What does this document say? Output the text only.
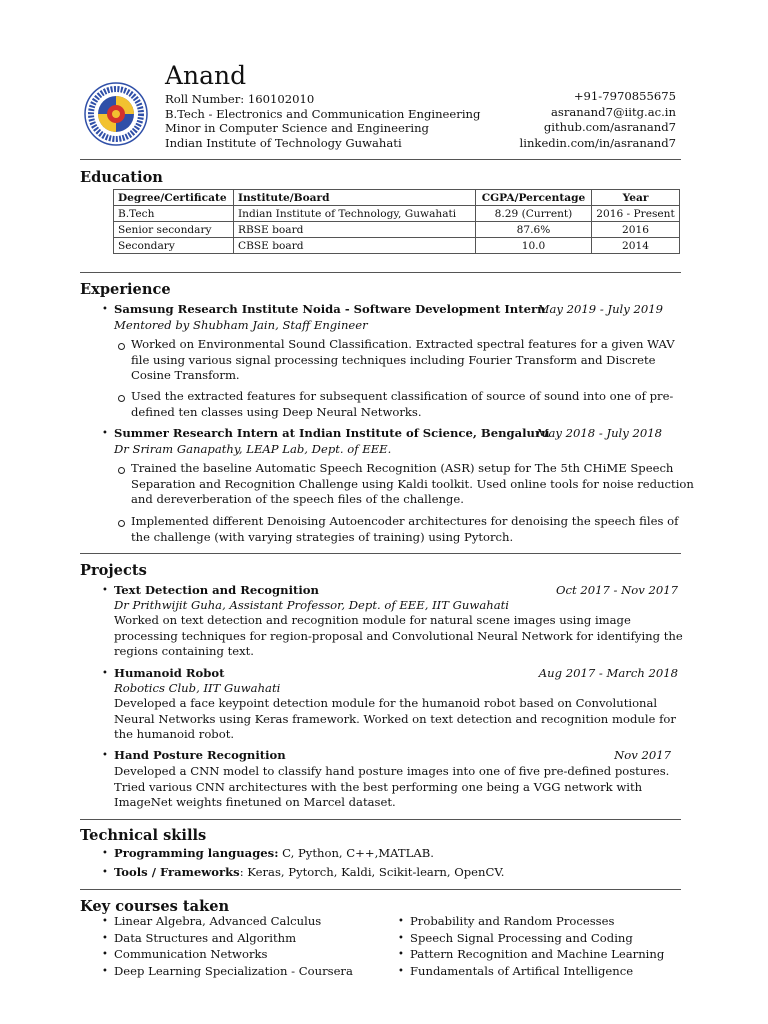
Anand
Roll Number: 160102010
B.Tech - Electronics and Communication Engineering
Minor in Computer Science and Engineering
Indian Institute of Technology Guwahati
+91-7970855675
asranand7@iitg.ac.in
github.com/asranand7
linkedin.com/in/asranand7
Education
Degree/Certificate	Institute/Board	CGPA/Percentage	Year
B.Tech	Indian Institute of Technology, Guwahati	8.29 (Current)	2016 - Present
Senior secondary	RBSE board	87.6%	2016
Secondary	CBSE board	10.0	2014
Experience
• Samsung Research Institute Noida - Software Development Intern
May 2019 - July 2019
Mentored by Shubham Jain, Staff Engineer
Worked on Environmental Sound Classification. Extracted spectral features for a given WAV
file using various signal processing techniques including Fourier Transform and Discrete
Cosine Transform.
Used the extracted features for subsequent classification of source of sound into one of pre-
defined ten classes using Deep Neural Networks.
• Summer Research Intern at Indian Institute of Science, Bengaluru
May 2018 - July 2018
Dr Sriram Ganapathy, LEAP Lab, Dept. of EEE.
Trained the baseline Automatic Speech Recognition (ASR) setup for The 5th CHiME Speech
Separation and Recognition Challenge using Kaldi toolkit. Used online tools for noise reduction
and dereverberation of the speech files of the challenge.
Implemented different Denoising Autoencoder architectures for denoising the speech files of
the challenge (with varying strategies of training) using Pytorch.
Projects
• Text Detection and Recognition	Oct 2017 - Nov 2017
Dr Prithwijit Guha, Assistant Professor, Dept. of EEE, IIT Guwahati
Worked on text detection and recognition module for natural scene images using image
processing techniques for region-proposal and Convolutional Neural Network for identifying the
regions containing text.
• Humanoid Robot	Aug 2017 - March 2018
Robotics Club, IIT Guwahati
Developed a face keypoint detection module for the humanoid robot based on Convolutional
Neural Networks using Keras framework. Worked on text detection and recognition module for
the humanoid robot.
• Hand Posture Recognition	Nov 2017
Developed a CNN model to classify hand posture images into one of five pre-defined postures.
Tried various CNN architectures with the best performing one being a VGG network with
ImageNet weights finetuned on Marcel dataset.
Technical skills
• Programming languages: C, Python, C++,MATLAB.
• Tools / Frameworks: Keras, Pytorch, Kaldi, Scikit-learn, OpenCV.
Key courses taken
• Linear Algebra, Advanced Calculus
• Data Structures and Algorithm
• Communication Networks
• Deep Learning Specialization - Coursera
• Probability and Random Processes
• Speech Signal Processing and Coding
• Pattern Recognition and Machine Learning
• Fundamentals of Artifical Intelligence
